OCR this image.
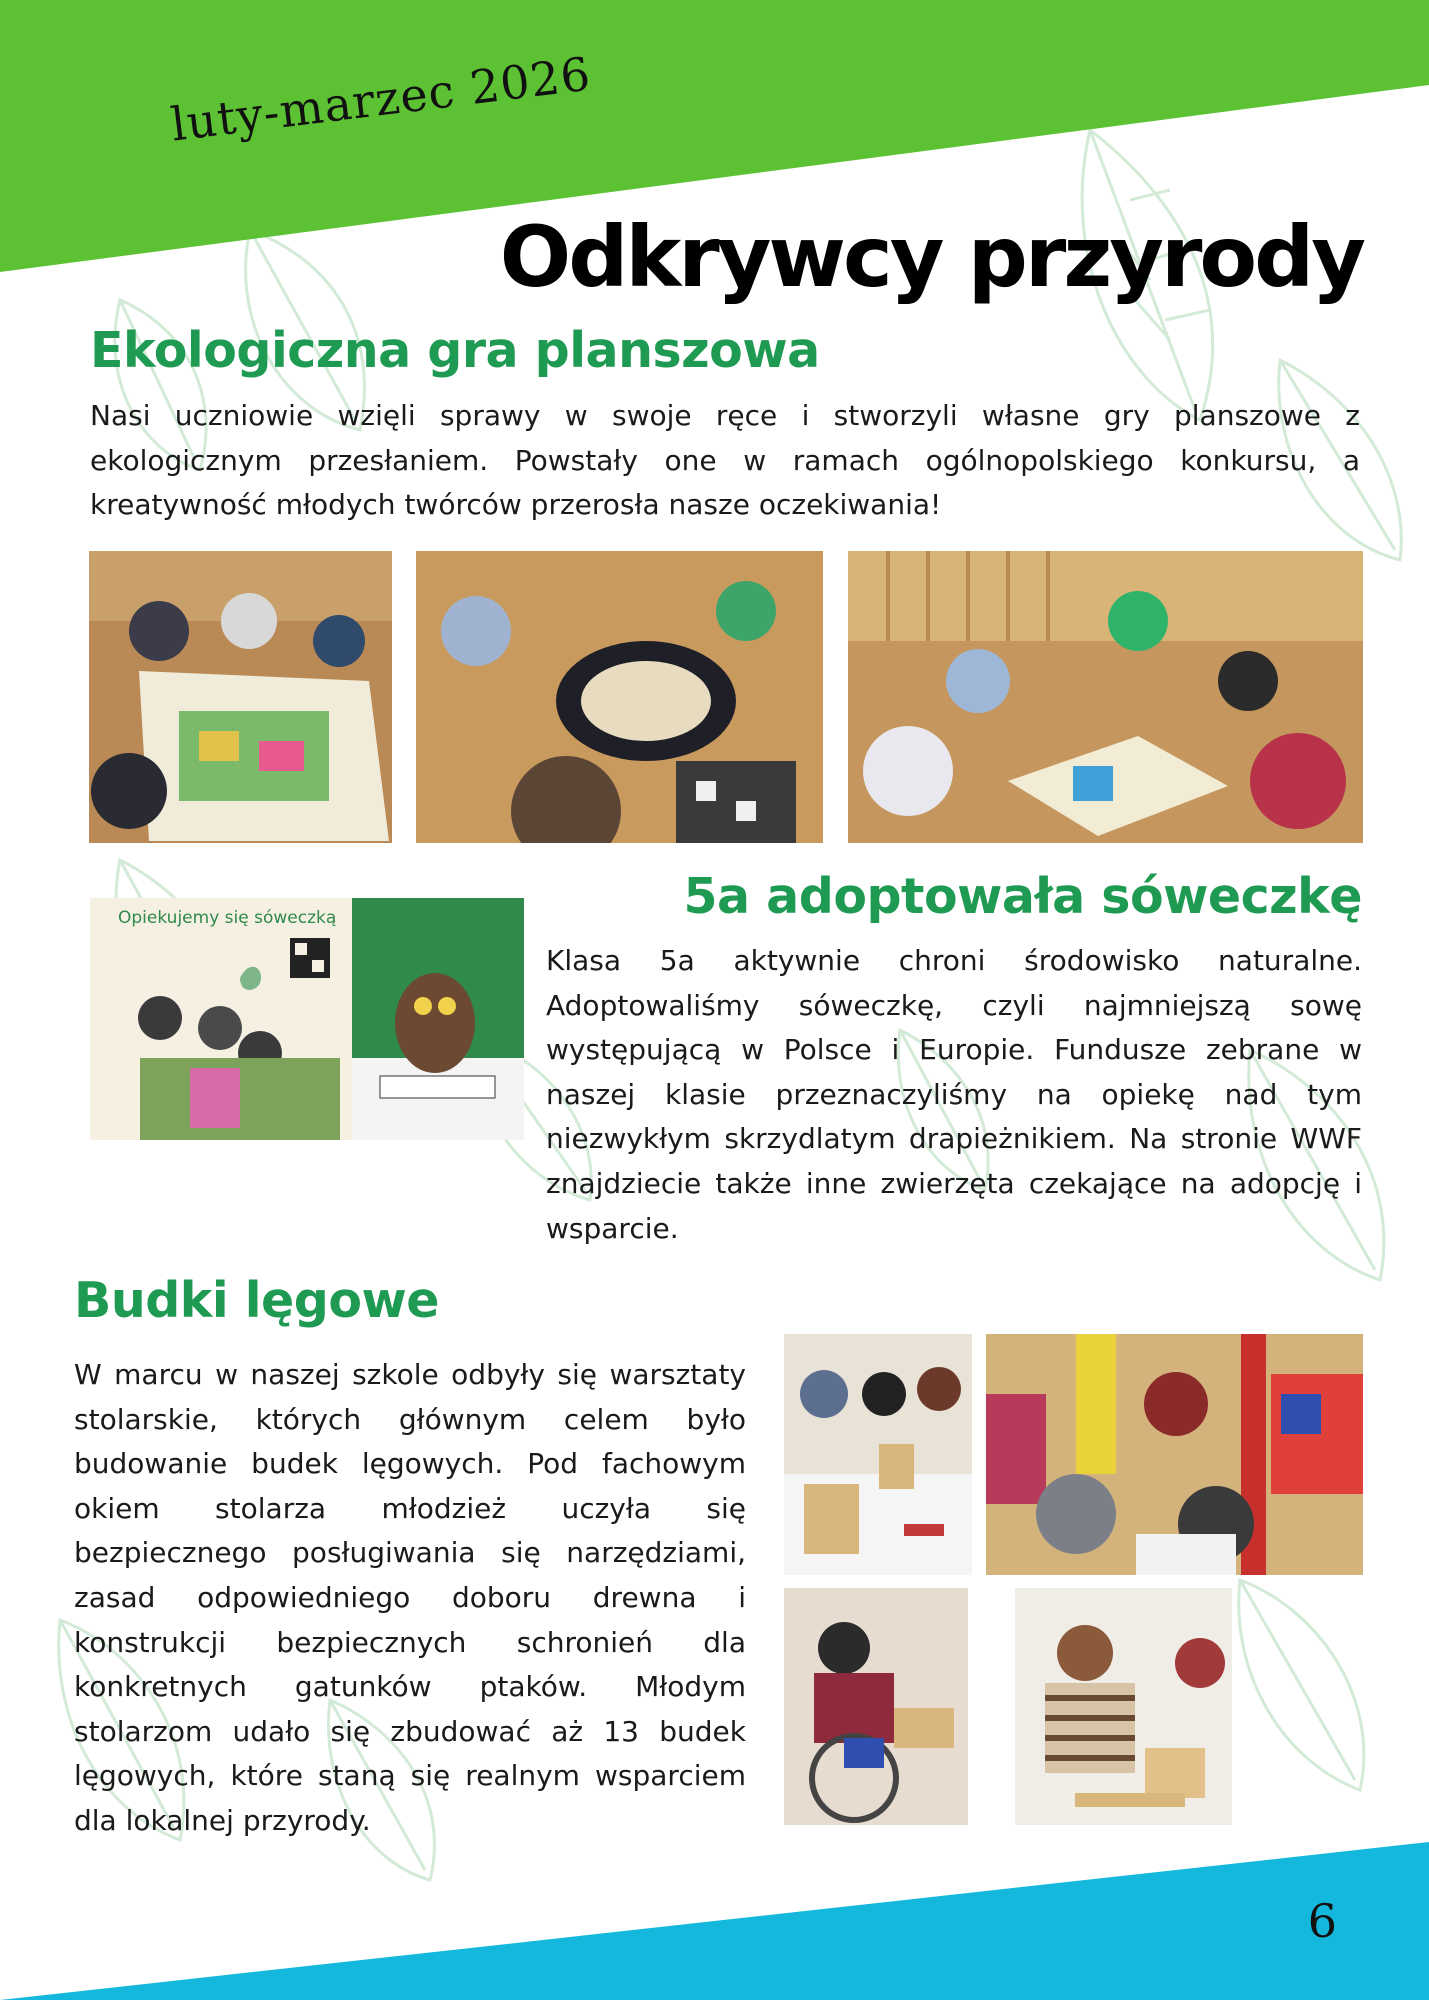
luty-marzec 2026
Odkrywcy przyrody
Ekologiczna gra planszowa
Nasi uczniowie wzięli sprawy w swoje ręce i stworzyli własne gry planszowe z ekologicznym przesłaniem. Powstały one w ramach ogólnopolskiego konkursu, a kreatywność młodych twórców przerosła nasze oczekiwania!
Opiekujemy się sóweczką	5a adoptowała sóweczkę
Klasa 5a aktywnie chroni środowisko naturalne. Adoptowaliśmy sóweczkę, czyli najmniejszą sowę występującą w Polsce i Europie. Fundusze zebrane w naszej klasie przeznaczyliśmy na opiekę nad tym niezwykłym skrzydlatym drapieżnikiem. Na stronie WWF znajdziecie także inne zwierzęta czekające na adopcję i wsparcie.
Budki lęgowe
W marcu w naszej szkole odbyły się warsztaty stolarskie, których głównym celem było budowanie budek lęgowych. Pod fachowym okiem stolarza młodzież uczyła się bezpiecznego posługiwania się narzędziami, zasad odpowiedniego doboru drewna i konstrukcji bezpiecznych schronień dla konkretnych gatunków ptaków. Młodym stolarzom udało się zbudować aż 13 budek lęgowych, które staną się realnym wsparciem dla lokalnej przyrody.
6
